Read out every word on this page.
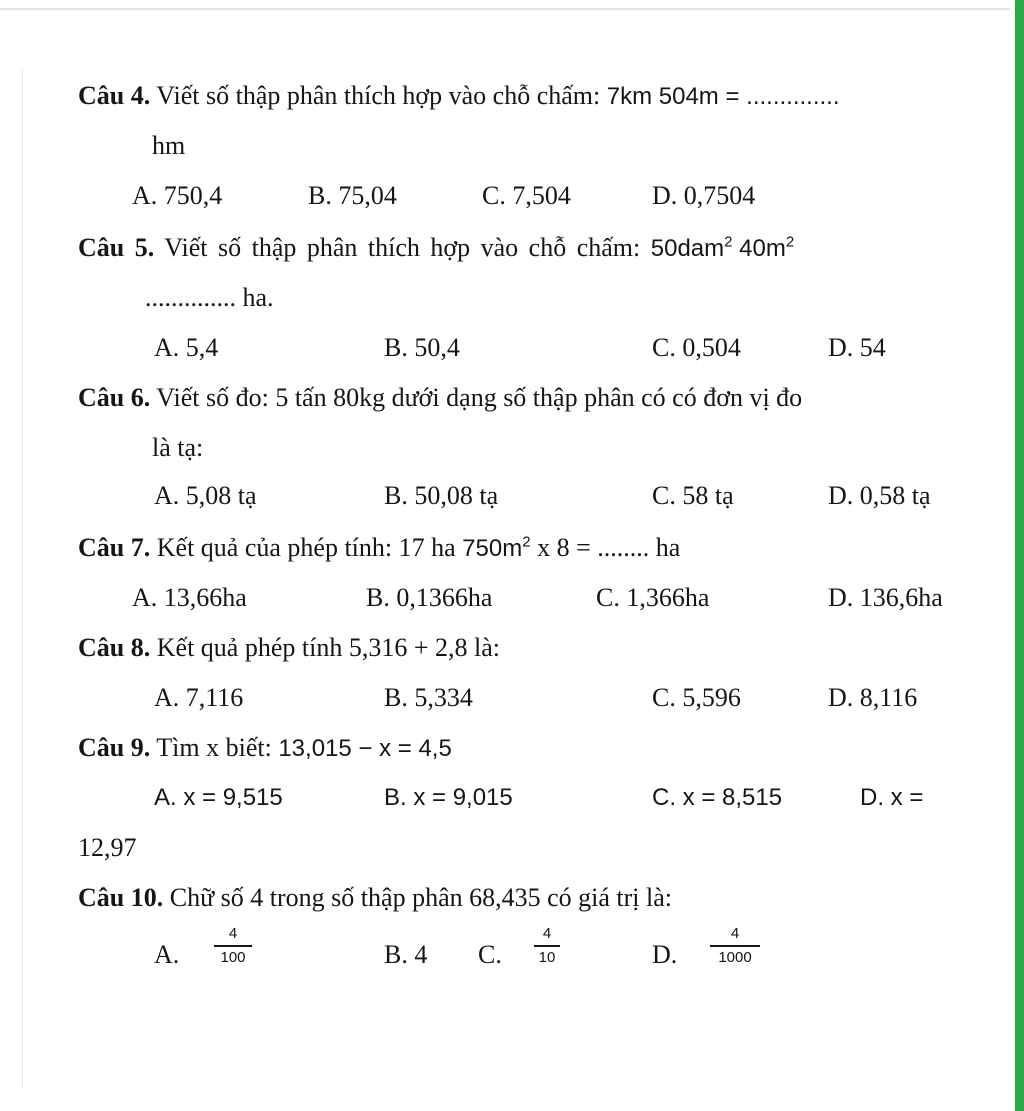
Câu 4. Viết số thập phân thích hợp vào chỗ chấm: 7km 504m = ..............
hm
A. 750,4	B. 75,04	C. 7,504	D. 0,7504
Câu 5. Viết số thập phân thích hợp vào chỗ chấm: 50dam$^2$ $40m^2$
.............. ha.
A. 5,4	B. 50,4	C. 0,504	D. 54
Câu 6. Viết số đo: 5 tấn 80kg dưới dạng số thập phân có có đơn vị đo
là tạ:
A. 5,08 tạ	B. 50,08 tạ	C. 58 tạ	D. 0,58 tạ
Câu 7. Kết quả của phép tính: 17 ha $750m^2$ x 8 = ........ ha
A. 13,66ha	B. 0,1366ha	C. 1,366ha	D. 136,6ha
Câu 8. Kết quả phép tính 5,316 + 2,8 là:
A. 7,116	B. 5,334	C. 5,596	D. 8,116
Câu 9. Tìm x biết: 13,015 − x = 4,5
A. x = 9,515	B. x = 9,015	C. x = 8,515	D. x =
12,97
Câu 10. Chữ số 4 trong số thập phân 68,435 có giá trị là:
A.
4
100	B. 4 C.
4
10	D.
4
1000
